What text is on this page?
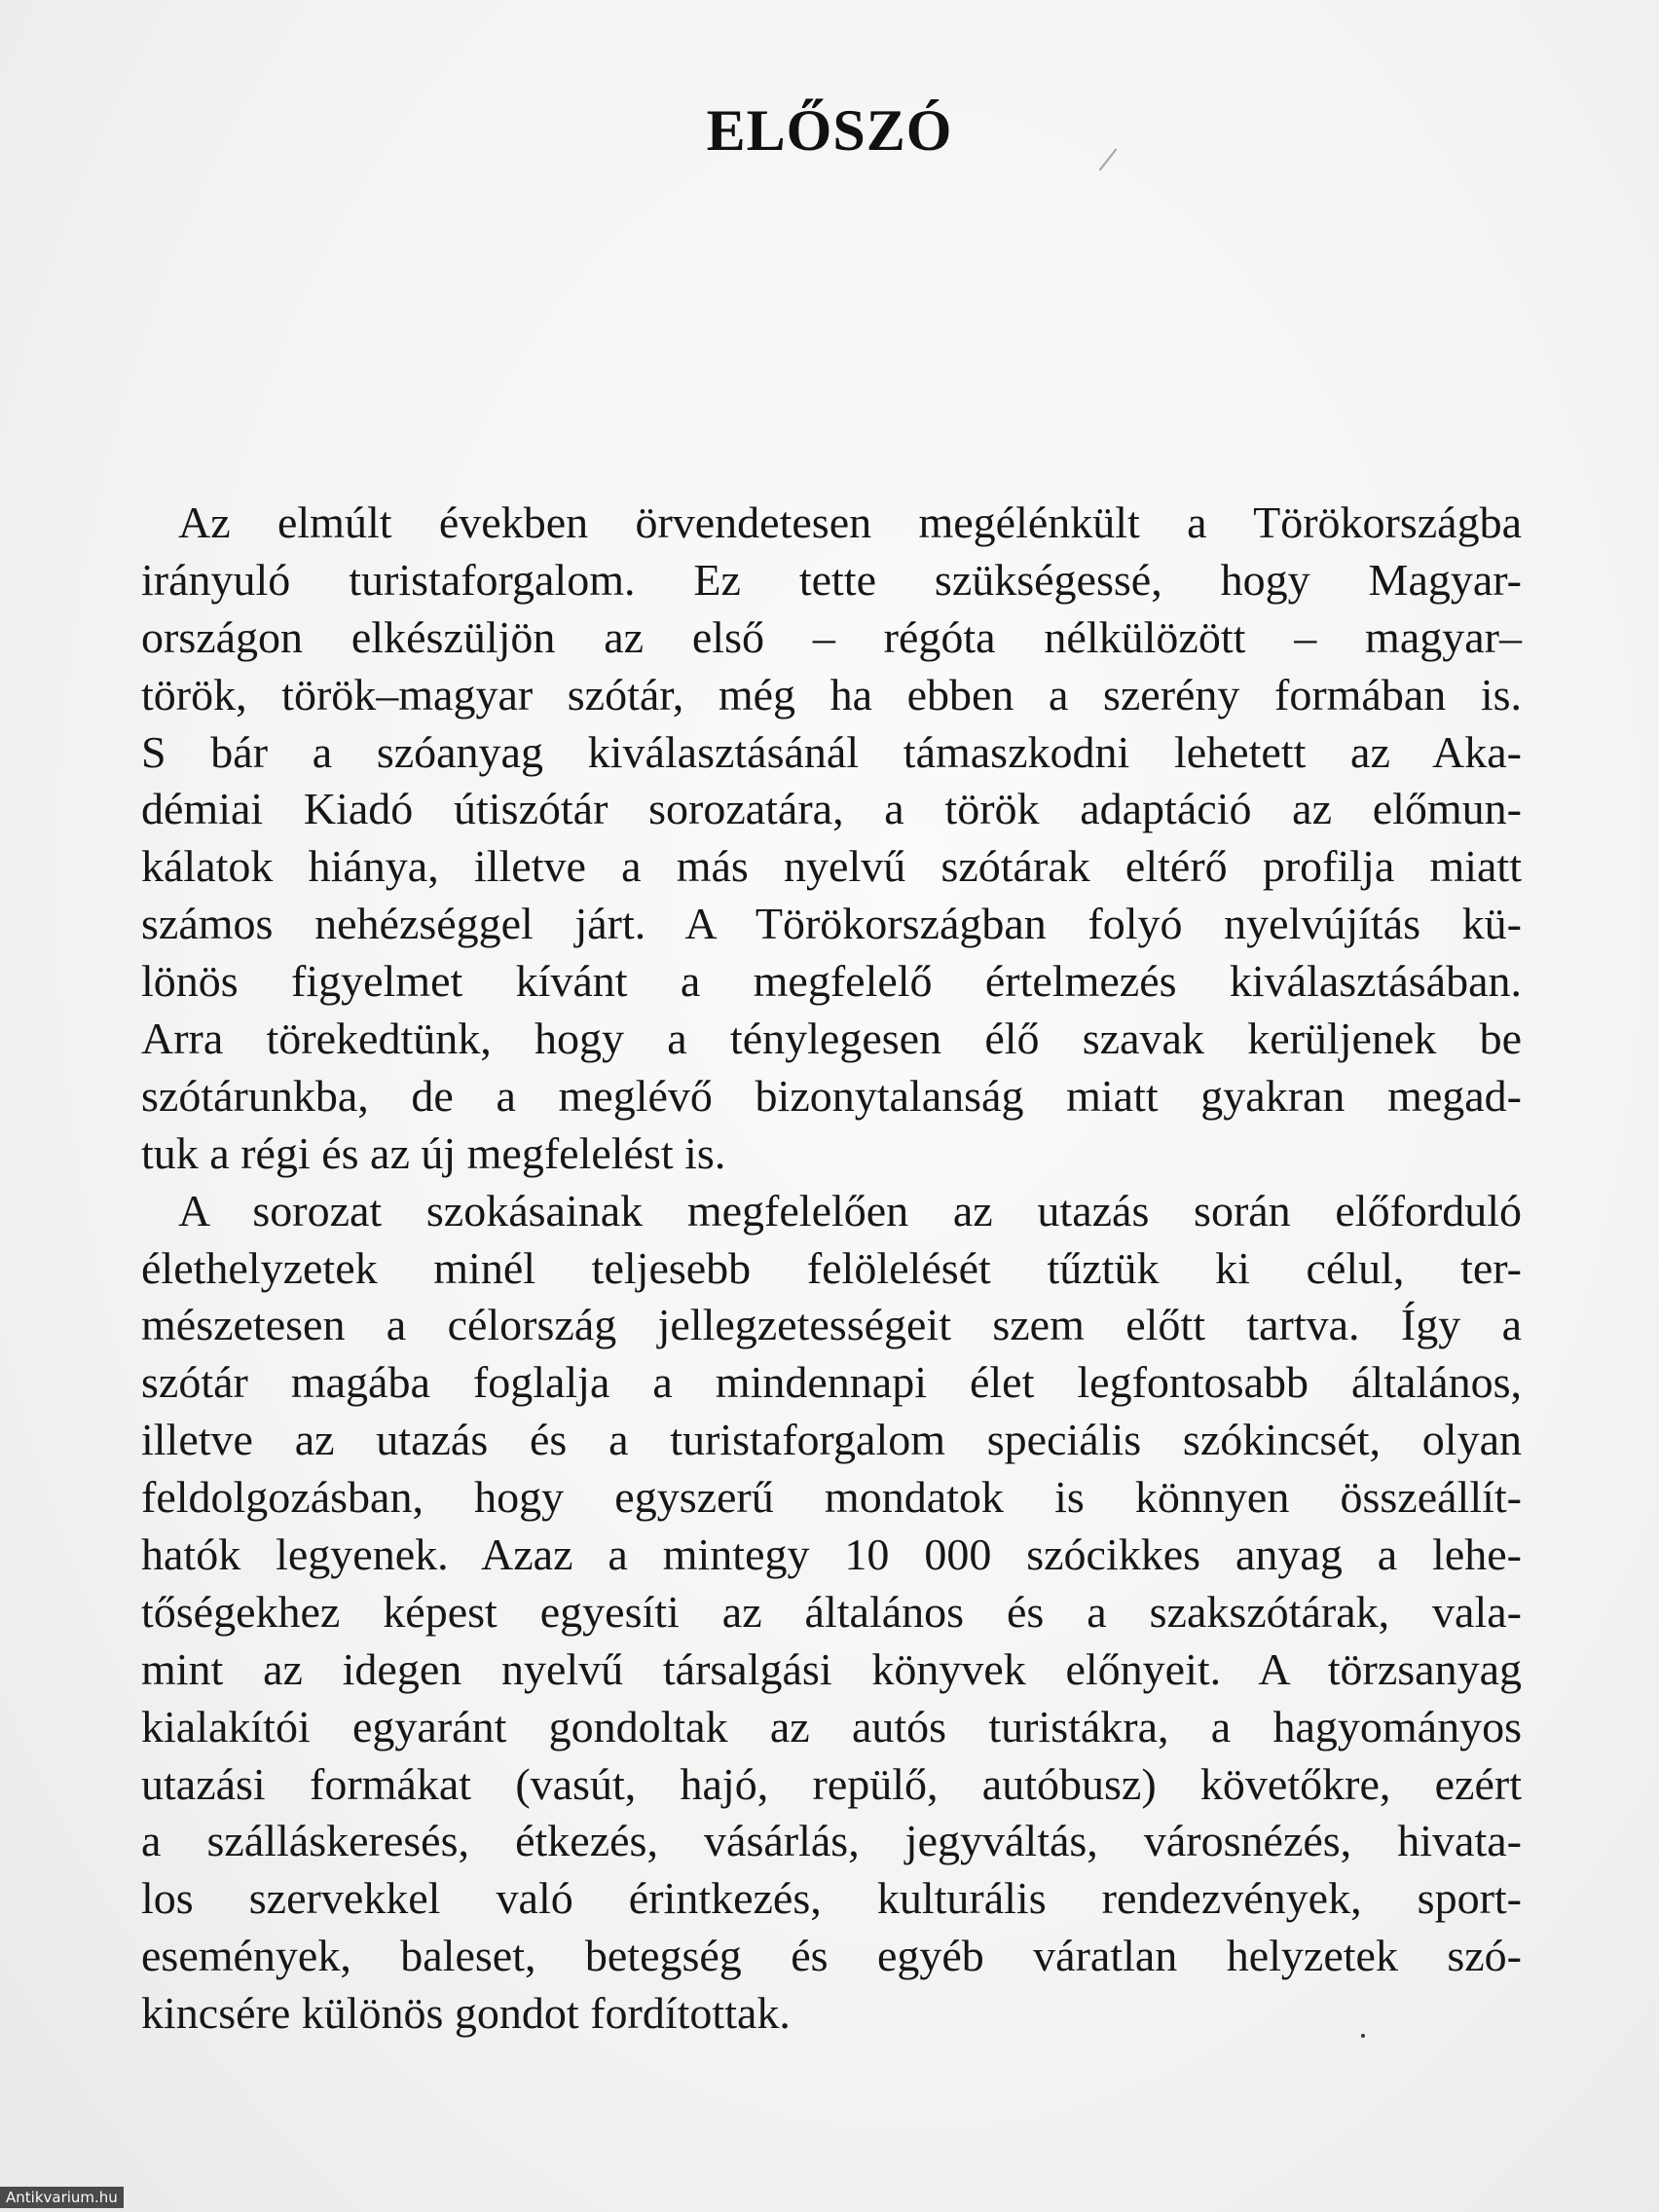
ELŐSZÓ
Az elmúlt években örvendetesen megélénkült a Törökországba
irányuló turistaforgalom. Ez tette szükségessé, hogy Magyar-
országon elkészüljön az első – régóta nélkülözött – magyar–
török, török–magyar szótár, még ha ebben a szerény formában is.
S bár a szóanyag kiválasztásánál támaszkodni lehetett az Aka-
démiai Kiadó útiszótár sorozatára, a török adaptáció az előmun-
kálatok hiánya, illetve a más nyelvű szótárak eltérő profilja miatt
számos nehézséggel járt. A Törökországban folyó nyelvújítás kü-
lönös figyelmet kívánt a megfelelő értelmezés kiválasztásában.
Arra törekedtünk, hogy a ténylegesen élő szavak kerüljenek be
szótárunkba, de a meglévő bizonytalanság miatt gyakran megad-
tuk a régi és az új megfelelést is.
A sorozat szokásainak megfelelően az utazás során előforduló
élethelyzetek minél teljesebb felölelését tűztük ki célul, ter-
mészetesen a célország jellegzetességeit szem előtt tartva. Így a
szótár magába foglalja a mindennapi élet legfontosabb általános,
illetve az utazás és a turistaforgalom speciális szókincsét, olyan
feldolgozásban, hogy egyszerű mondatok is könnyen összeállít-
hatók legyenek. Azaz a mintegy 10 000 szócikkes anyag a lehe-
tőségekhez képest egyesíti az általános és a szakszótárak, vala-
mint az idegen nyelvű társalgási könyvek előnyeit. A törzsanyag
kialakítói egyaránt gondoltak az autós turistákra, a hagyományos
utazási formákat (vasút, hajó, repülő, autóbusz) követőkre, ezért
a szálláskeresés, étkezés, vásárlás, jegyváltás, városnézés, hivata-
los szervekkel való érintkezés, kulturális rendezvények, sport-
események, baleset, betegség és egyéb váratlan helyzetek szó-
kincsére különös gondot fordítottak.
Antikvarium.hu
